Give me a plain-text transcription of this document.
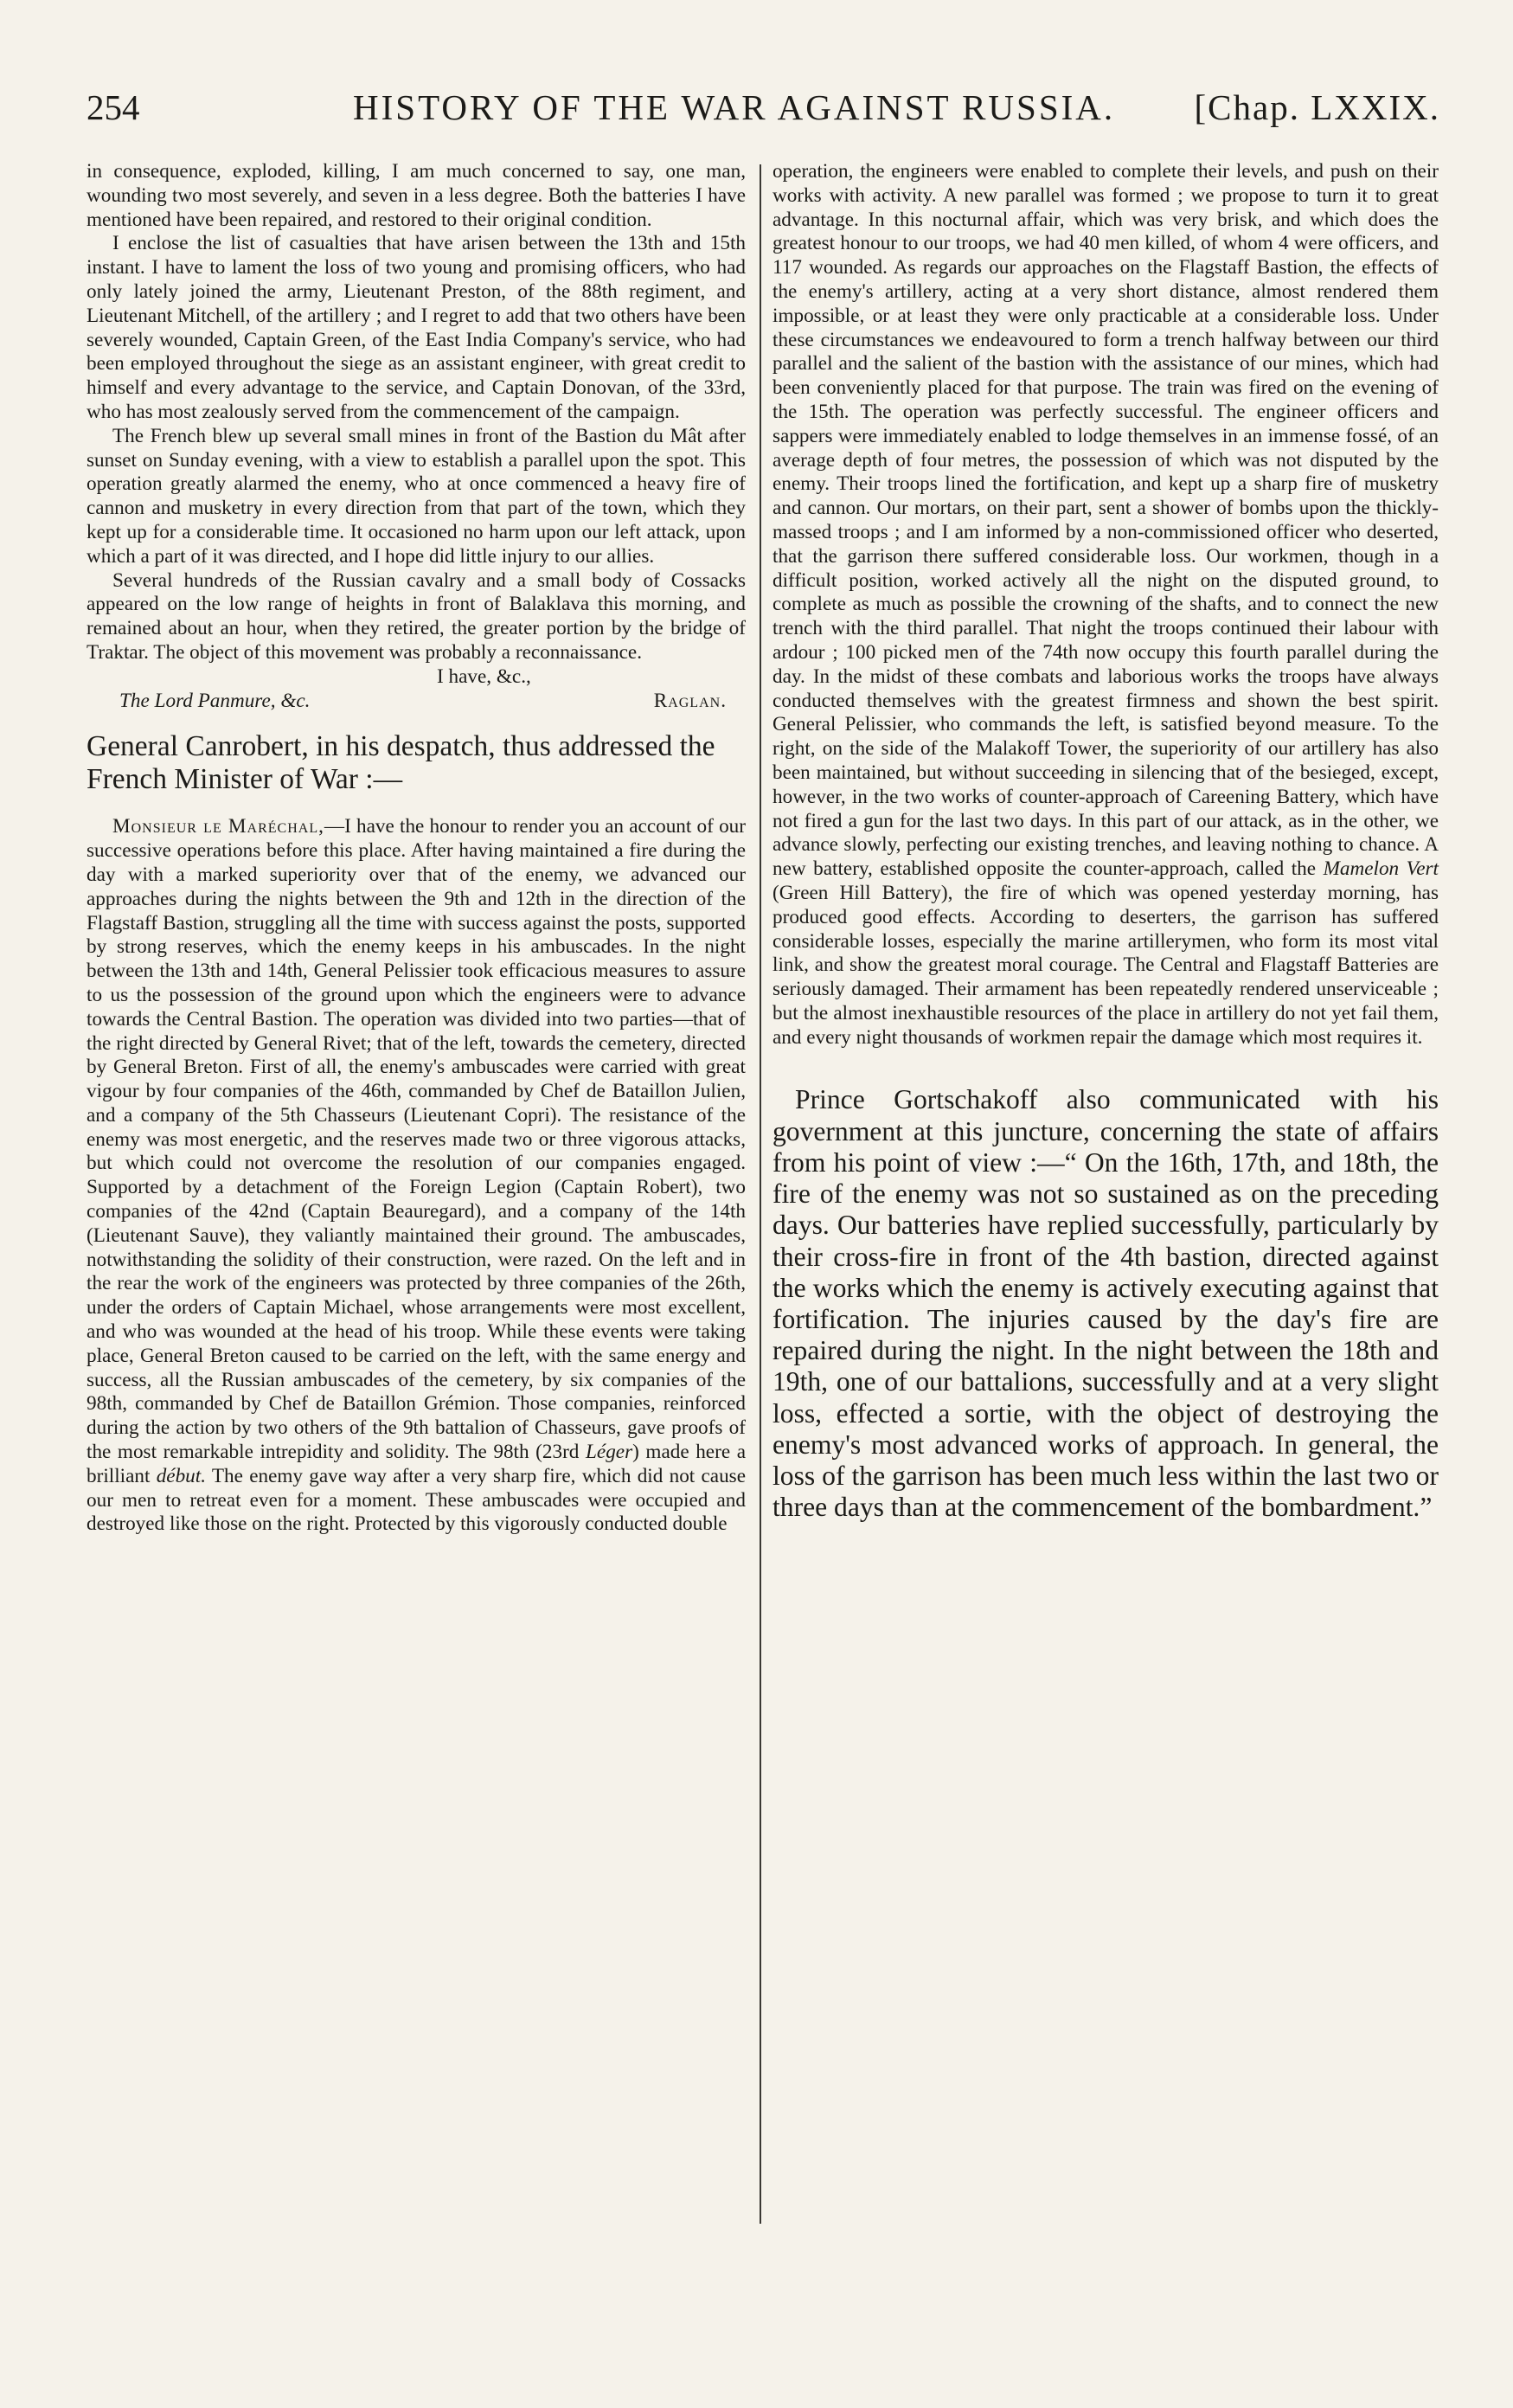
254	HISTORY OF THE WAR AGAINST RUSSIA. [Chap. LXXIX.

in consequence, exploded, killing, I am much concerned to say, one man, wounding two most severely, and seven in a less degree. Both the batteries I have mentioned have been repaired, and restored to their original condition.

I enclose the list of casualties that have arisen between the 13th and 15th instant. I have to lament the loss of two young and promising officers, who had only lately joined the army, Lieutenant Preston, of the 88th regiment, and Lieutenant Mitchell, of the artillery ; and I regret to add that two others have been severely wounded, Captain Green, of the East India Company's service, who had been employed throughout the siege as an assistant engineer, with great credit to himself and every advantage to the service, and Captain Donovan, of the 33rd, who has most zealously served from the commencement of the campaign.

The French blew up several small mines in front of the Bastion du Mât after sunset on Sunday evening, with a view to establish a parallel upon the spot. This operation greatly alarmed the enemy, who at once commenced a heavy fire of cannon and musketry in every direction from that part of the town, which they kept up for a considerable time. It occasioned no harm upon our left attack, upon which a part of it was directed, and I hope did little injury to our allies.

Several hundreds of the Russian cavalry and a small body of Cossacks appeared on the low range of heights in front of Balaklava this morning, and remained about an hour, when they retired, the greater portion by the bridge of Traktar. The object of this movement was probably a reconnaissance.

I have, &c.,
The Lord Panmure, &c.	Raglan.

General Canrobert, in his despatch, thus addressed the French Minister of War :—

Monsieur le Maréchal,—I have the honour to render you an account of our successive operations before this place. After having maintained a fire during the day with a marked superiority over that of the enemy, we advanced our approaches during the nights between the 9th and 12th in the direction of the Flagstaff Bastion, struggling all the time with success against the posts, supported by strong reserves, which the enemy keeps in his ambuscades. In the night between the 13th and 14th, General Pelissier took efficacious measures to assure to us the possession of the ground upon which the engineers were to advance towards the Central Bastion. The operation was divided into two parties—that of the right directed by General Rivet; that of the left, towards the cemetery, directed by General Breton. First of all, the enemy's ambuscades were carried with great vigour by four companies of the 46th, commanded by Chef de Bataillon Julien, and a company of the 5th Chasseurs (Lieutenant Copri). The resistance of the enemy was most energetic, and the reserves made two or three vigorous attacks, but which could not overcome the resolution of our companies engaged. Supported by a detachment of the Foreign Legion (Captain Robert), two companies of the 42nd (Captain Beauregard), and a company of the 14th (Lieutenant Sauve), they valiantly maintained their ground. The ambuscades, notwithstanding the solidity of their construction, were razed. On the left and in the rear the work of the engineers was protected by three companies of the 26th, under the orders of Captain Michael, whose arrangements were most excellent, and who was wounded at the head of his troop. While these events were taking place, General Breton caused to be carried on the left, with the same energy and success, all the Russian ambuscades of the cemetery, by six companies of the 98th, commanded by Chef de Bataillon Grémion. Those companies, reinforced during the action by two others of the 9th battalion of Chasseurs, gave proofs of the most remarkable intrepidity and solidity. The 98th (23rd Léger) made here a brilliant début. The enemy gave way after a very sharp fire, which did not cause our men to retreat even for a moment. These ambuscades were occupied and destroyed like those on the right. Protected by this vigorously conducted double

operation, the engineers were enabled to complete their levels, and push on their works with activity. A new parallel was formed ; we propose to turn it to great advantage. In this nocturnal affair, which was very brisk, and which does the greatest honour to our troops, we had 40 men killed, of whom 4 were officers, and 117 wounded. As regards our approaches on the Flagstaff Bastion, the effects of the enemy's artillery, acting at a very short distance, almost rendered them impossible, or at least they were only practicable at a considerable loss. Under these circumstances we endeavoured to form a trench halfway between our third parallel and the salient of the bastion with the assistance of our mines, which had been conveniently placed for that purpose. The train was fired on the evening of the 15th. The operation was perfectly successful. The engineer officers and sappers were immediately enabled to lodge themselves in an immense fossé, of an average depth of four metres, the possession of which was not disputed by the enemy. Their troops lined the fortification, and kept up a sharp fire of musketry and cannon. Our mortars, on their part, sent a shower of bombs upon the thickly-massed troops ; and I am informed by a non-commissioned officer who deserted, that the garrison there suffered considerable loss. Our workmen, though in a difficult position, worked actively all the night on the disputed ground, to complete as much as possible the crowning of the shafts, and to connect the new trench with the third parallel. That night the troops continued their labour with ardour ; 100 picked men of the 74th now occupy this fourth parallel during the day. In the midst of these combats and laborious works the troops have always conducted themselves with the greatest firmness and shown the best spirit. General Pelissier, who commands the left, is satisfied beyond measure. To the right, on the side of the Malakoff Tower, the superiority of our artillery has also been maintained, but without succeeding in silencing that of the besieged, except, however, in the two works of counter-approach of Careening Battery, which have not fired a gun for the last two days. In this part of our attack, as in the other, we advance slowly, perfecting our existing trenches, and leaving nothing to chance. A new battery, established opposite the counter-approach, called the Mamelon Vert (Green Hill Battery), the fire of which was opened yesterday morning, has produced good effects. According to deserters, the garrison has suffered considerable losses, especially the marine artillerymen, who form its most vital link, and show the greatest moral courage. The Central and Flagstaff Batteries are seriously damaged. Their armament has been repeatedly rendered unserviceable ; but the almost inexhaustible resources of the place in artillery do not yet fail them, and every night thousands of workmen repair the damage which most requires it.

Prince Gortschakoff also communicated with his government at this juncture, concerning the state of affairs from his point of view :—“ On the 16th, 17th, and 18th, the fire of the enemy was not so sustained as on the preceding days. Our batteries have replied successfully, particularly by their cross-fire in front of the 4th bastion, directed against the works which the enemy is actively executing against that fortification. The injuries caused by the day's fire are repaired during the night. In the night between the 18th and 19th, one of our battalions, successfully and at a very slight loss, effected a sortie, with the object of destroying the enemy's most advanced works of approach. In general, the loss of the garrison has been much less within the last two or three days than at the commencement of the bombardment.”
